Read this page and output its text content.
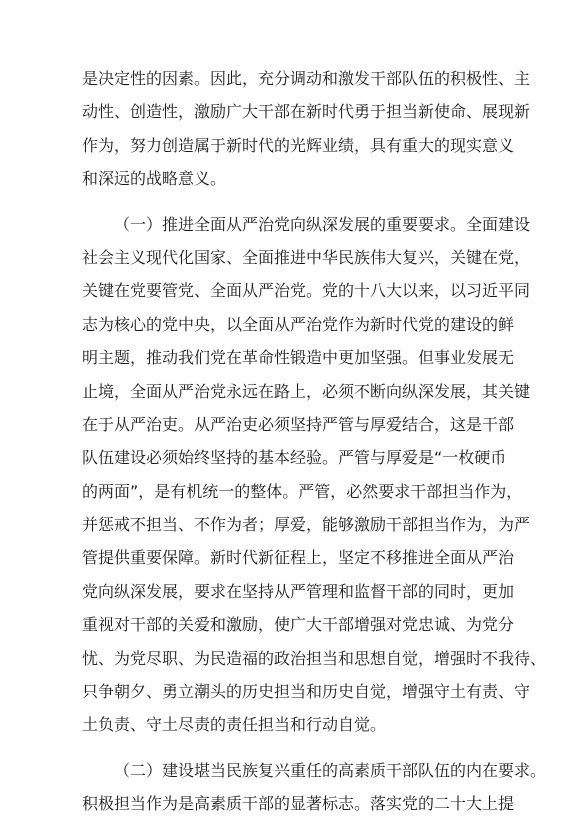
是决定性的因素。因此，充分调动和激发干部队伍的积极性、主
动性、创造性，激励广大干部在新时代勇于担当新使命、展现新
作为，努力创造属于新时代的光辉业绩，具有重大的现实意义
和深远的战略意义。
（一）推进全面从严治党向纵深发展的重要要求。全面建设
社会主义现代化国家、全面推进中华民族伟大复兴，关键在党，
关键在党要管党、全面从严治党。党的十八大以来，以习近平同
志为核心的党中央，以全面从严治党作为新时代党的建设的鲜
明主题，推动我们党在革命性锻造中更加坚强。但事业发展无
止境，全面从严治党永远在路上，必须不断向纵深发展，其关键
在于从严治吏。从严治吏必须坚持严管与厚爱结合，这是干部
队伍建设必须始终坚持的基本经验。严管与厚爱是“一枚硬币
的两面”，是有机统一的整体。严管，必然要求干部担当作为，
并惩戒不担当、不作为者；厚爱，能够激励干部担当作为，为严
管提供重要保障。新时代新征程上，坚定不移推进全面从严治
党向纵深发展，要求在坚持从严管理和监督干部的同时，更加
重视对干部的关爱和激励，使广大干部增强对党忠诚、为党分
忧、为党尽职、为民造福的政治担当和思想自觉，增强时不我待、
只争朝夕、勇立潮头的历史担当和历史自觉，增强守土有责、守
土负责、守土尽责的责任担当和行动自觉。
（二）建设堪当民族复兴重任的高素质干部队伍的内在要求。
积极担当作为是高素质干部的显著标志。落实党的二十大上提
